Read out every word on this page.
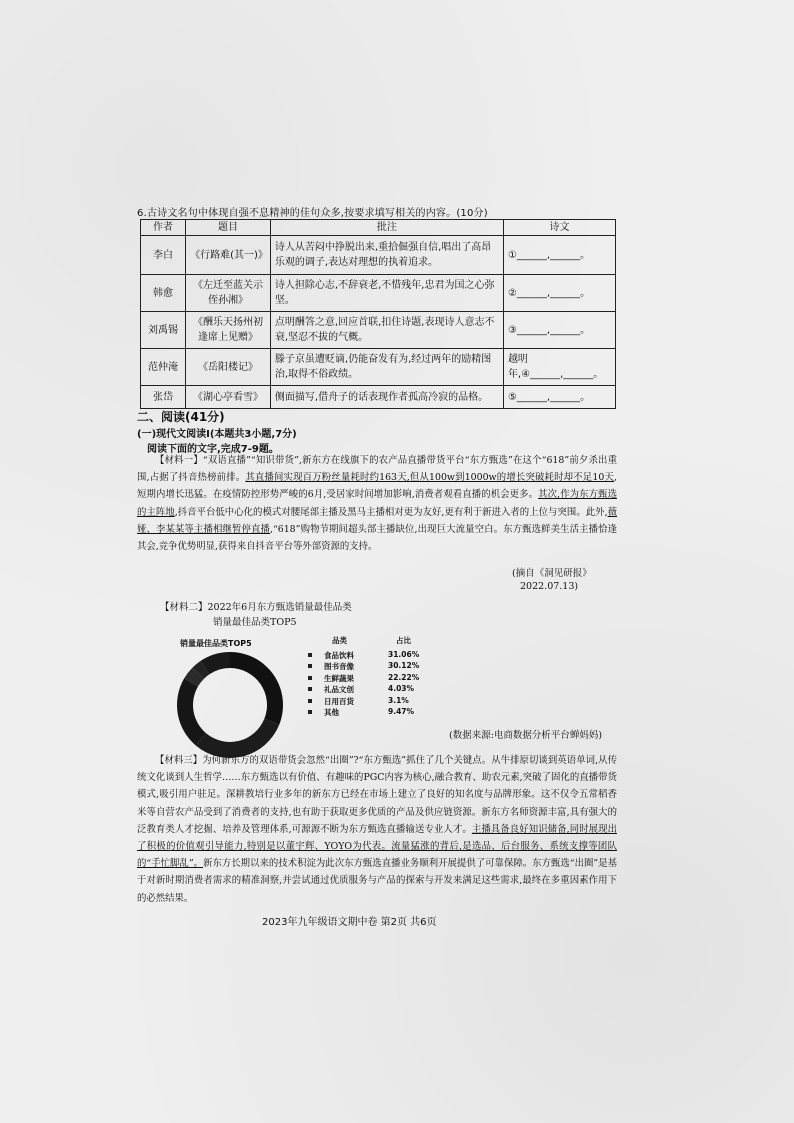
6.古诗文名句中体现自强不息精神的佳句众多,按要求填写相关的内容。(10分)
作者	题目	批注	诗文
李白	《行路难(其一)》	诗人从苦闷中挣脱出来,重拾倔强自信,唱出了高昂乐观的调子,表达对理想的执着追求。	①______,______。
韩愈	《左迁至蓝关示侄孙湘》	诗人担除心志,不辞衰老,不惜残年,忠君为国之心弥坚。	②______,______。
刘禹锡	《酬乐天扬州初逢席上见赠》	点明酬答之意,回应首联,扣住诗题,表现诗人意志不衰,坚忍不拔的气概。	③______,______。
范仲淹	《岳阳楼记》	滕子京虽遭贬谪,仍能奋发有为,经过两年的励精图治,取得不俗政绩。	越明年,④______,______。
张岱	《湖心亭看雪》	侧面描写,借舟子的话表现作者孤高冷寂的品格。	⑤______,______。
二、阅读(41分)
(一)现代文阅读Ⅰ(本题共3小题,7分)
阅读下面的文字,完成7-9题。
【材料一】“双语直播”“知识带货”,新东方在线旗下的农产品直播带货平台“东方甄选”在这个“618”前夕杀出重围,占据了抖音热榜前排。其直播间实现百万粉丝量耗时约163天,但从100w到1000w的增长突破耗时却不足10天,短期内增长迅猛。在疫情防控形势严峻的6月,受居家时间增加影响,消费者观看直播的机会更多。其次,作为东方甄选的主阵地,抖音平台低中心化的模式对腰尾部主播及黑马主播相对更为友好,更有利于新进入者的上位与突围。此外,薇娅、李某某等主播相继暂停直播,“618”购物节期间超头部主播缺位,出现巨大流量空白。东方甄选鲜美生活主播恰逢其会,竞争优势明显,获得来自抖音平台等外部资源的支持。
(摘自《洞见研报》
2022.07.13)
【材料二】2022年6月东方甄选销量最佳品类
销量最佳品类TOP5
销量最佳品类TOP5	品类	占比
食品饮料	31.06%
图书音像	30.12%
生鲜蔬果	22.22%
礼品文创	4.03%
日用百货	3.1%
其他	9.47%
(数据来源:电商数据分析平台蝉妈妈)
【材料三】为何新东方的双语带货会忽然“出圈”?“东方甄选”抓住了几个关键点。从牛排原切谈到英语单词,从传统文化谈到人生哲学……东方甄选以有价值、有趣味的PGC内容为核心,融合教育、助农元素,突破了固化的直播带货模式,吸引用户驻足。深耕教培行业多年的新东方已经在市场上建立了良好的知名度与品牌形象。这不仅令五常稻香米等自营农产品受到了消费者的支持,也有助于获取更多优质的产品及供应链资源。新东方名师资源丰富,具有强大的泛教育类人才挖掘、培养及管理体系,可源源不断为东方甄选直播输送专业人才。主播具备良好知识储备,同时展现出了积极的价值观引导能力,特别是以董宇辉、YOYO为代表。流量猛涨的背后,是选品、后台服务、系统支撑等团队的“手忙脚乱”。新东方长期以来的技术积淀为此次东方甄选直播业务顺利开展提供了可靠保障。东方甄选“出圈”是基于对新时期消费者需求的精准洞察,并尝试通过优质服务与产品的探索与开发来满足这些需求,最终在多重因素作用下的必然结果。
2023年九年级语文期中卷 第2页 共6页
